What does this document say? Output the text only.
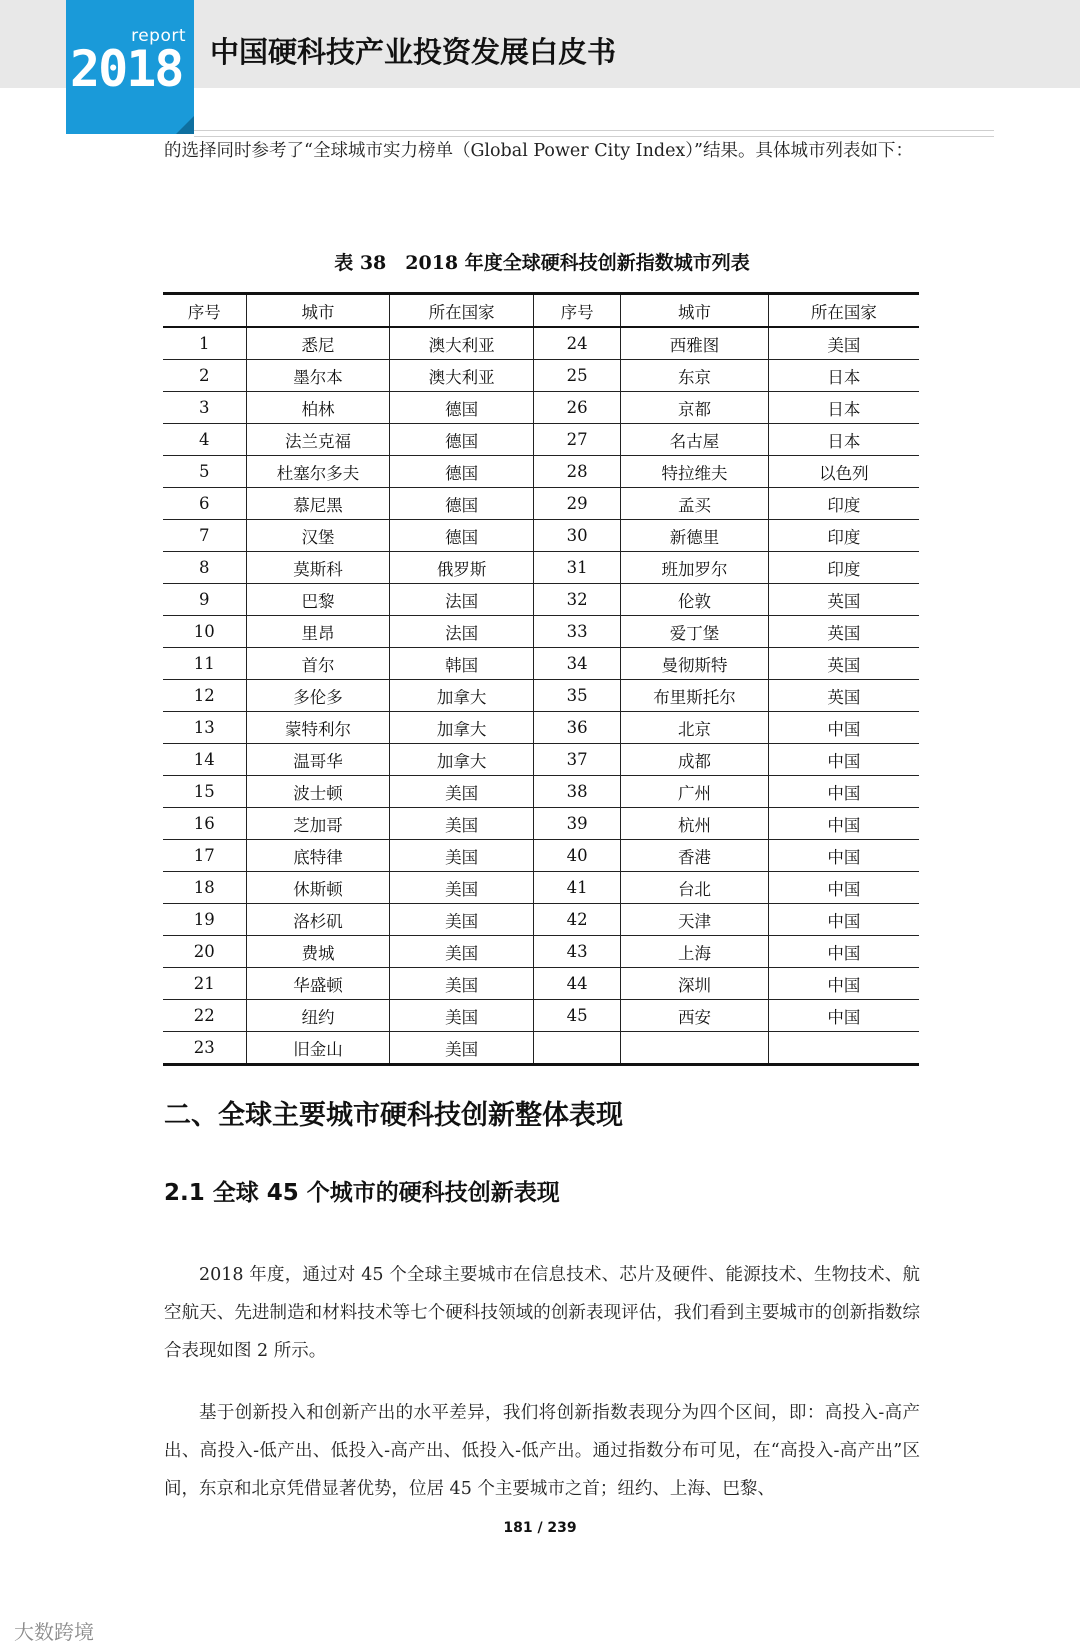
report
2018 中国硬科技产业投资发展白皮书

的选择同时参考了“全球城市实力榜单（Global Power City Index）”结果。具体城市列表如下：

表 38　2018 年度全球硬科技创新指数城市列表
序号	城市	所在国家	序号	城市	所在国家
1	悉尼	澳大利亚	24	西雅图	美国
2	墨尔本	澳大利亚	25	东京	日本
3	柏林	德国	26	京都	日本
4	法兰克福	德国	27	名古屋	日本
5	杜塞尔多夫	德国	28	特拉维夫	以色列
6	慕尼黑	德国	29	孟买	印度
7	汉堡	德国	30	新德里	印度
8	莫斯科	俄罗斯	31	班加罗尔	印度
9	巴黎	法国	32	伦敦	英国
10	里昂	法国	33	爱丁堡	英国
11	首尔	韩国	34	曼彻斯特	英国
12	多伦多	加拿大	35	布里斯托尔	英国
13	蒙特利尔	加拿大	36	北京	中国
14	温哥华	加拿大	37	成都	中国
15	波士顿	美国	38	广州	中国
16	芝加哥	美国	39	杭州	中国
17	底特律	美国	40	香港	中国
18	休斯顿	美国	41	台北	中国
19	洛杉矶	美国	42	天津	中国
20	费城	美国	43	上海	中国
21	华盛顿	美国	44	深圳	中国
22	纽约	美国	45	西安	中国
23	旧金山	美国			
二、全球主要城市硬科技创新整体表现
2.1 全球 45 个城市的硬科技创新表现

2018 年度，通过对 45 个全球主要城市在信息技术、芯片及硬件、能源技术、生物技术、航空航天、先进制造和材料技术等七个硬科技领域的创新表现评估，我们看到主要城市的创新指数综合表现如图 2 所示。

基于创新投入和创新产出的水平差异，我们将创新指数表现分为四个区间，即：高投入-高产出、高投入-低产出、低投入-高产出、低投入-低产出。通过指数分布可见，在“高投入-高产出”区间，东京和北京凭借显著优势，位居 45 个主要城市之首；纽约、上海、巴黎、

181 / 239
大数跨境
